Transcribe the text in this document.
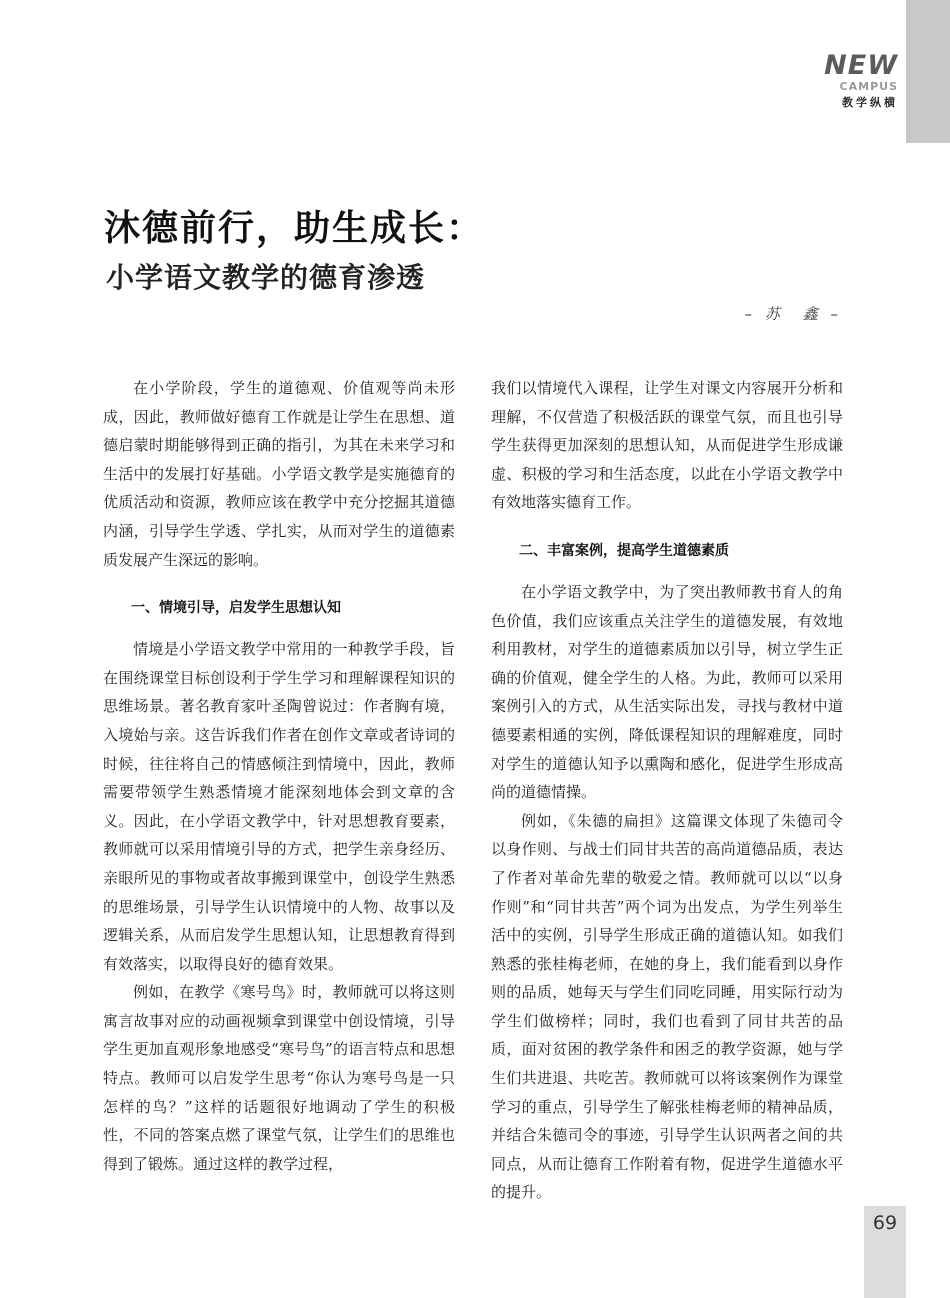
NEW
CAMPUS
教学纵横
沐德前行，助生成长：
小学语文教学的德育渗透
– 苏　鑫 –

在小学阶段，学生的道德观、价值观等尚未形成，因此，教师做好德育工作就是让学生在思想、道德启蒙时期能够得到正确的指引，为其在未来学习和生活中的发展打好基础。小学语文教学是实施德育的优质活动和资源，教师应该在教学中充分挖掘其道德内涵，引导学生学透、学扎实，从而对学生的道德素质发展产生深远的影响。

一、情境引导，启发学生思想认知

情境是小学语文教学中常用的一种教学手段，旨在围绕课堂目标创设利于学生学习和理解课程知识的思维场景。著名教育家叶圣陶曾说过：作者胸有境，入境始与亲。这告诉我们作者在创作文章或者诗词的时候，往往将自己的情感倾注到情境中，因此，教师需要带领学生熟悉情境才能深刻地体会到文章的含义。因此，在小学语文教学中，针对思想教育要素，教师就可以采用情境引导的方式，把学生亲身经历、亲眼所见的事物或者故事搬到课堂中，创设学生熟悉的思维场景，引导学生认识情境中的人物、故事以及逻辑关系，从而启发学生思想认知，让思想教育得到有效落实，以取得良好的德育效果。

例如，在教学《寒号鸟》时，教师就可以将这则寓言故事对应的动画视频拿到课堂中创设情境，引导学生更加直观形象地感受“寒号鸟”的语言特点和思想特点。教师可以启发学生思考“你认为寒号鸟是一只怎样的鸟？”这样的话题很好地调动了学生的积极性，不同的答案点燃了课堂气氛，让学生们的思维也得到了锻炼。通过这样的教学过程，

我们以情境代入课程，让学生对课文内容展开分析和理解，不仅营造了积极活跃的课堂气氛，而且也引导学生获得更加深刻的思想认知，从而促进学生形成谦虚、积极的学习和生活态度，以此在小学语文教学中有效地落实德育工作。

二、丰富案例，提高学生道德素质

在小学语文教学中，为了突出教师教书育人的角色价值，我们应该重点关注学生的道德发展，有效地利用教材，对学生的道德素质加以引导，树立学生正确的价值观，健全学生的人格。为此，教师可以采用案例引入的方式，从生活实际出发，寻找与教材中道德要素相通的实例，降低课程知识的理解难度，同时对学生的道德认知予以熏陶和感化，促进学生形成高尚的道德情操。

例如，《朱德的扁担》这篇课文体现了朱德司令以身作则、与战士们同甘共苦的高尚道德品质，表达了作者对革命先辈的敬爱之情。教师就可以以“以身作则”和“同甘共苦”两个词为出发点，为学生列举生活中的实例，引导学生形成正确的道德认知。如我们熟悉的张桂梅老师，在她的身上，我们能看到以身作则的品质，她每天与学生们同吃同睡，用实际行动为学生们做榜样；同时，我们也看到了同甘共苦的品质，面对贫困的教学条件和困乏的教学资源，她与学生们共进退、共吃苦。教师就可以将该案例作为课堂学习的重点，引导学生了解张桂梅老师的精神品质，并结合朱德司令的事迹，引导学生认识两者之间的共同点，从而让德育工作附着有物，促进学生道德水平的提升。

69
